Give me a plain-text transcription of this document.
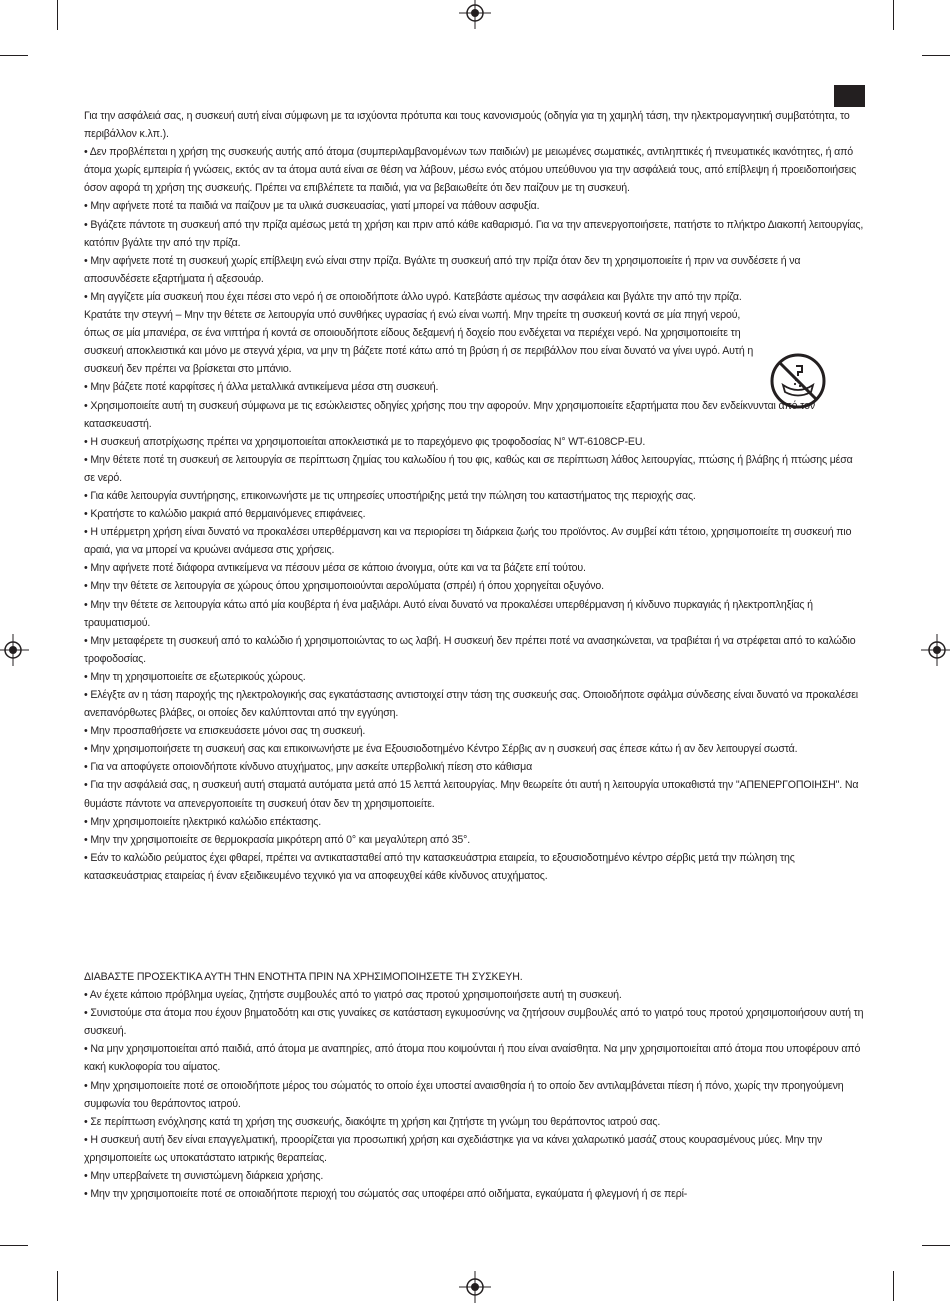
Για την ασφάλειά σας, η συσκευή αυτή είναι σύμφωνη με τα ισχύοντα πρότυπα και τους κανονισμούς (οδηγία για τη χαμηλή τάση, την ηλεκτρομαγνητική συμβατότητα, το περιβάλλον κ.λπ.).

• Δεν προβλέπεται η χρήση της συσκευής αυτής από άτομα (συμπεριλαμβανομένων των παιδιών) με μειωμένες σωματικές, αντιληπτικές ή πνευματικές ικανότητες, ή από άτομα χωρίς εμπειρία ή γνώσεις, εκτός αν τα άτομα αυτά είναι σε θέση να λάβουν, μέσω ενός ατόμου υπεύθυνου για την ασφάλειά τους, από επίβλεψη ή προειδοποιήσεις όσον αφορά τη χρήση της συσκευής. Πρέπει να επιβλέπετε τα παιδιά, για να βεβαιωθείτε ότι δεν παίζουν με τη συσκευή.

• Μην αφήνετε ποτέ τα παιδιά να παίζουν με τα υλικά συσκευασίας, γιατί μπορεί να πάθουν ασφυξία.

• Βγάζετε πάντοτε τη συσκευή από την πρίζα αμέσως μετά τη χρήση και πριν από κάθε καθαρισμό. Για να την απενεργοποιήσετε, πατήστε το πλήκτρο Διακοπή λειτουργίας, κατόπιν βγάλτε την από την πρίζα.

• Μην αφήνετε ποτέ τη συσκευή χωρίς επίβλεψη ενώ είναι στην πρίζα. Βγάλτε τη συσκευή από την πρίζα όταν δεν τη χρησιμοποιείτε ή πριν να συνδέσετε ή να αποσυνδέσετε εξαρτήματα ή αξεσουάρ.

• Μη αγγίζετε μία συσκευή που έχει πέσει στο νερό ή σε οποιοδήποτε άλλο υγρό. Κατεβάστε αμέσως την ασφάλεια και βγάλτε την από την πρίζα. Κρατάτε την στεγνή – Μην την θέτετε σε λειτουργία υπό συνθήκες υγρασίας ή ενώ είναι νωπή. Μην τηρείτε τη συσκευή κοντά σε μία πηγή νερού, όπως σε μία μπανιέρα, σε ένα νιπτήρα ή κοντά σε οποιουδήποτε είδους δεξαμενή ή δοχείο που ενδέχεται να περιέχει νερό. Να χρησιμοποιείτε τη συσκευή αποκλειστικά και μόνο με στεγνά χέρια, να μην τη βάζετε ποτέ κάτω από τη βρύση ή σε περιβάλλον που είναι δυνατό να γίνει υγρό. Αυτή η συσκευή δεν πρέπει να βρίσκεται στο μπάνιο.

• Μην βάζετε ποτέ καρφίτσες ή άλλα μεταλλικά αντικείμενα μέσα στη συσκευή.

• Χρησιμοποιείτε αυτή τη συσκευή σύμφωνα με τις εσώκλειστες οδηγίες χρήσης που την αφορούν. Μην χρησιμοποιείτε εξαρτήματα που δεν ενδείκνυνται από τον κατασκευαστή.

• Η συσκευή αποτρίχωσης πρέπει να χρησιμοποιείται αποκλειστικά με το παρεχόμενο φις τροφοδοσίας N° WT-6108CP-EU.

• Μην θέτετε ποτέ τη συσκευή σε λειτουργία σε περίπτωση ζημίας του καλωδίου ή του φις, καθώς και σε περίπτωση λάθος λειτουργίας, πτώσης ή βλάβης ή πτώσης μέσα σε νερό.

• Για κάθε λειτουργία συντήρησης, επικοινωνήστε με τις υπηρεσίες υποστήριξης μετά την πώληση του καταστήματος της περιοχής σας.

• Κρατήστε το καλώδιο μακριά από θερμαινόμενες επιφάνειες.

• Η υπέρμετρη χρήση είναι δυνατό να προκαλέσει υπερθέρμανση και να περιορίσει τη διάρκεια ζωής του προϊόντος. Αν συμβεί κάτι τέτοιο, χρησιμοποιείτε τη συσκευή πιο αραιά, για να μπορεί να κρυώνει ανάμεσα στις χρήσεις.

• Μην αφήνετε ποτέ διάφορα αντικείμενα να πέσουν μέσα σε κάποιο άνοιγμα, ούτε και να τα βάζετε επί τούτου.

• Μην την θέτετε σε λειτουργία σε χώρους όπου χρησιμοποιούνται αερολύματα (σπρέι) ή όπου χορηγείται οξυγόνο.

• Μην την θέτετε σε λειτουργία κάτω από μία κουβέρτα ή ένα μαξιλάρι. Αυτό είναι δυνατό να προκαλέσει υπερθέρμανση ή κίνδυνο πυρκαγιάς ή ηλεκτροπληξίας ή τραυματισμού.

• Μην μεταφέρετε τη συσκευή από το καλώδιο ή χρησιμοποιώντας το ως λαβή. Η συσκευή δεν πρέπει ποτέ να ανασηκώνεται, να τραβιέται ή να στρέφεται από το καλώδιο τροφοδοσίας.

• Μην τη χρησιμοποιείτε σε εξωτερικούς χώρους.

• Ελέγξτε αν η τάση παροχής της ηλεκτρολογικής σας εγκατάστασης αντιστοιχεί στην τάση της συσκευής σας. Οποιοδήποτε σφάλμα σύνδεσης είναι δυνατό να προκαλέσει ανεπανόρθωτες βλάβες, οι οποίες δεν καλύπτονται από την εγγύηση.

• Μην προσπαθήσετε να επισκευάσετε μόνοι σας τη συσκευή.

• Μην χρησιμοποιήσετε τη συσκευή σας και επικοινωνήστε με ένα Εξουσιοδοτημένο Κέντρο Σέρβις αν η συσκευή σας έπεσε κάτω ή αν δεν λειτουργεί σωστά.

• Για να αποφύγετε οποιονδήποτε κίνδυνο ατυχήματος, μην ασκείτε υπερβολική πίεση στο κάθισμα

• Για την ασφάλειά σας, η συσκευή αυτή σταματά αυτόματα μετά από 15 λεπτά λειτουργίας. Μην θεωρείτε ότι αυτή η λειτουργία υποκαθιστά την "ΑΠΕΝΕΡΓΟΠΟΙΗΣΗ". Να θυμάστε πάντοτε να απενεργοποιείτε τη συσκευή όταν δεν τη χρησιμοποιείτε.

• Μην χρησιμοποιείτε ηλεκτρικό καλώδιο επέκτασης.

• Μην την χρησιμοποιείτε σε θερμοκρασία μικρότερη από 0° και μεγαλύτερη από 35°.

• Εάν το καλώδιο ρεύματος έχει φθαρεί, πρέπει να αντικατασταθεί από την κατασκευάστρια εταιρεία, το εξουσιοδοτημένο κέντρο σέρβις μετά την πώληση της κατασκευάστριας εταιρείας ή έναν εξειδικευμένο τεχνικό για να αποφευχθεί κάθε κίνδυνος ατυχήματος.

ΔΙΑΒΑΣΤΕ ΠΡΟΣΕΚΤΙΚΑ ΑΥΤΗ ΤΗΝ ΕΝΟΤΗΤΑ ΠΡΙΝ ΝΑ ΧΡΗΣΙΜΟΠΟΙΗΣΕΤΕ ΤΗ ΣΥΣΚΕΥΗ.

• Αν έχετε κάποιο πρόβλημα υγείας, ζητήστε συμβουλές από το γιατρό σας προτού χρησιμοποιήσετε αυτή τη συσκευή.

• Συνιστούμε στα άτομα που έχουν βηματοδότη και στις γυναίκες σε κατάσταση εγκυμοσύνης να ζητήσουν συμβουλές από το γιατρό τους προτού χρησιμοποιήσουν αυτή τη συσκευή.

• Να μην χρησιμοποιείται από παιδιά, από άτομα με αναπηρίες, από άτομα που κοιμούνται ή που είναι αναίσθητα. Να μην χρησιμοποιείται από άτομα που υποφέρουν από κακή κυκλοφορία του αίματος.

• Μην χρησιμοποιείτε ποτέ σε οποιοδήποτε μέρος του σώματός το οποίο έχει υποστεί αναισθησία ή το οποίο δεν αντιλαμβάνεται πίεση ή πόνο, χωρίς την προηγούμενη συμφωνία του θεράποντος ιατρού.

• Σε περίπτωση ενόχλησης κατά τη χρήση της συσκευής, διακόψτε τη χρήση και ζητήστε τη γνώμη του θεράποντος ιατρού σας.

• Η συσκευή αυτή δεν είναι επαγγελματική, προορίζεται για προσωπική χρήση και σχεδιάστηκε για να κάνει χαλαρωτικό μασάζ στους κουρασμένους μύες. Μην την χρησιμοποιείτε ως υποκατάστατο ιατρικής θεραπείας.

• Μην υπερβαίνετε τη συνιστώμενη διάρκεια χρήσης.

• Μην την χρησιμοποιείτε ποτέ σε οποιαδήποτε περιοχή του σώματός σας υποφέρει από οιδήματα, εγκαύματα ή φλεγμονή ή σε περί-
